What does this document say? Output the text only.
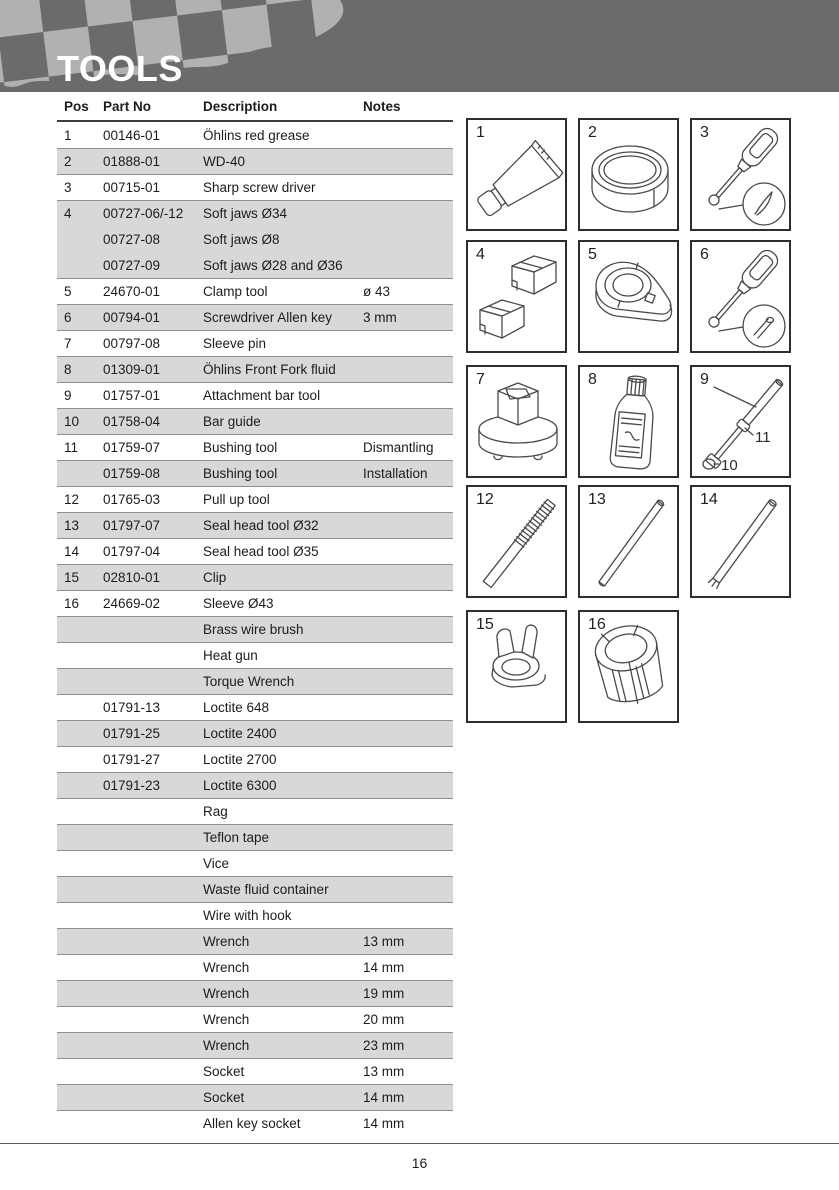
TOOLS
Pos	Part No	Description	Notes
1	00146-01	Öhlins red grease
2	01888-01	WD-40
3	00715-01	Sharp screw driver
4	00727-06/-12	Soft jaws Ø34
00727-08	Soft jaws Ø8
00727-09	Soft jaws Ø28 and Ø36
5	24670-01	Clamp tool	ø 43
6	00794-01	Screwdriver Allen key	3 mm
7	00797-08	Sleeve pin
8	01309-01	Öhlins Front Fork fluid
9	01757-01	Attachment bar tool
10	01758-04	Bar guide
11	01759-07	Bushing tool	Dismantling
01759-08	Bushing tool	Installation
12	01765-03	Pull up tool
13	01797-07	Seal head tool Ø32
14	01797-04	Seal head tool Ø35
15	02810-01	Clip
16	24669-02	Sleeve Ø43
Brass wire brush
Heat gun
Torque Wrench
01791-13	Loctite 648
01791-25	Loctite 2400
01791-27	Loctite 2700
01791-23	Loctite 6300
Rag
Teflon tape
Vice
Waste fluid container
Wire with hook
Wrench	13 mm
Wrench	14 mm
Wrench	19 mm
Wrench	20 mm
Wrench	23 mm
Socket	13 mm
Socket	14 mm
Allen key socket	14 mm
1	2	3
4	5	6
7	8	9
11
10
12	13	14
15	16
16
